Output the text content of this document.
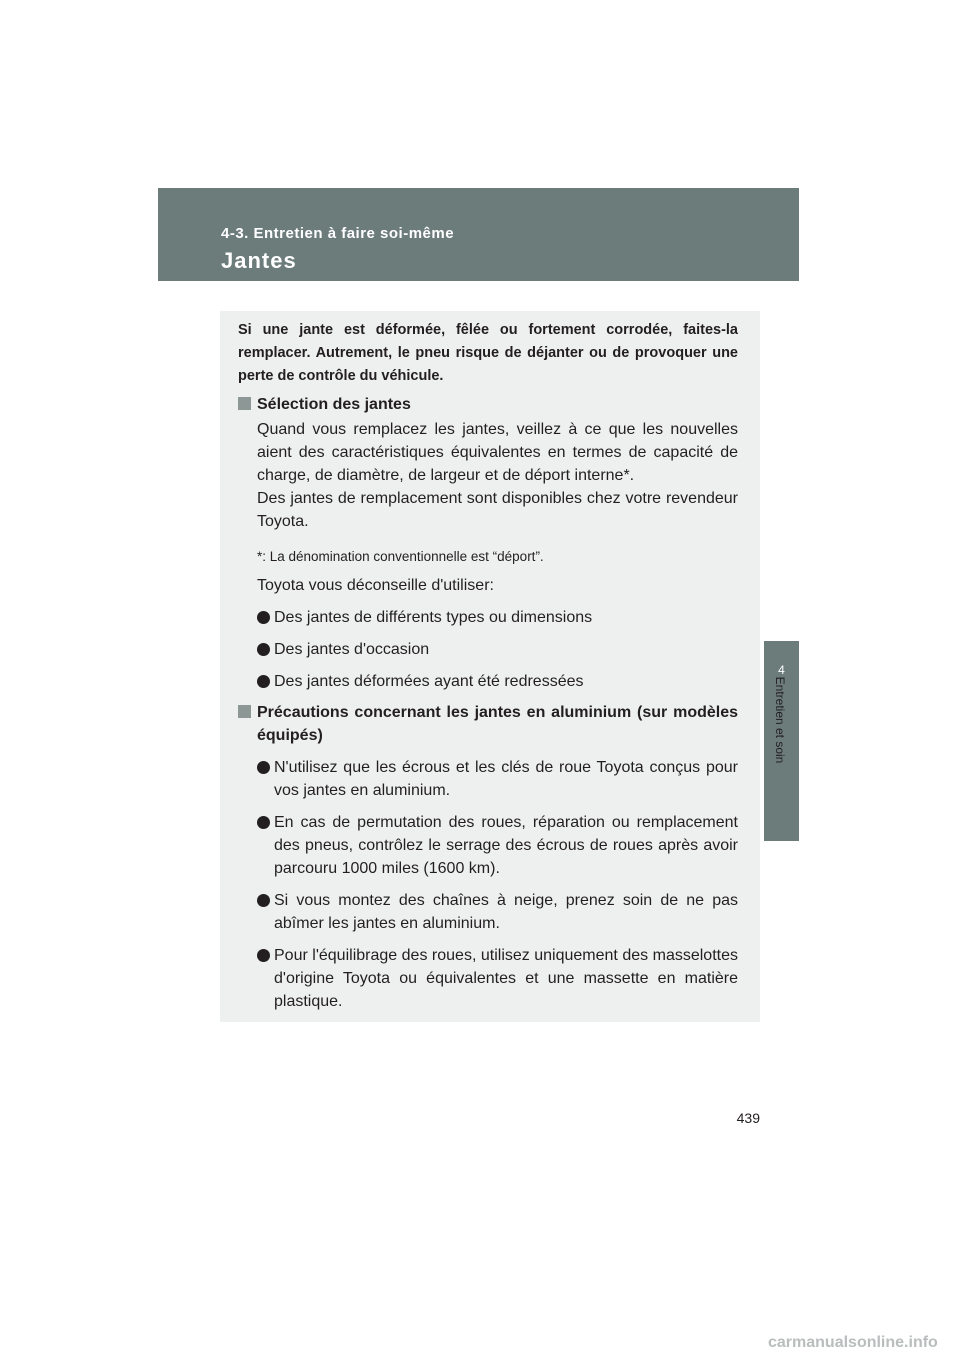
4-3. Entretien à faire soi-même
Jantes
4
Entretien et soin

Si une jante est déformée, fêlée ou fortement corrodée, faites-la remplacer. Autrement, le pneu risque de déjanter ou de provoquer une perte de contrôle du véhicule.

Sélection des jantes

Quand vous remplacez les jantes, veillez à ce que les nouvelles aient des caractéristiques équivalentes en termes de capacité de charge, de diamètre, de largeur et de déport interne*.

Des jantes de remplacement sont disponibles chez votre revendeur Toyota.

*: La dénomination conventionnelle est “déport”.

Toyota vous déconseille d'utiliser:

Des jantes de différents types ou dimensions
Des jantes d'occasion
Des jantes déformées ayant été redressées
Précautions concernant les jantes en aluminium (sur modèles équipés)
N'utilisez que les écrous et les clés de roue Toyota conçus pour vos jantes en aluminium.
En cas de permutation des roues, réparation ou remplacement des pneus, contrôlez le serrage des écrous de roues après avoir parcouru 1000 miles (1600 km).
Si vous montez des chaînes à neige, prenez soin de ne pas abîmer les jantes en aluminium.
Pour l'équilibrage des roues, utilisez uniquement des masselottes d'origine Toyota ou équivalentes et une massette en matière plastique.
439
carmanualsonline.info
